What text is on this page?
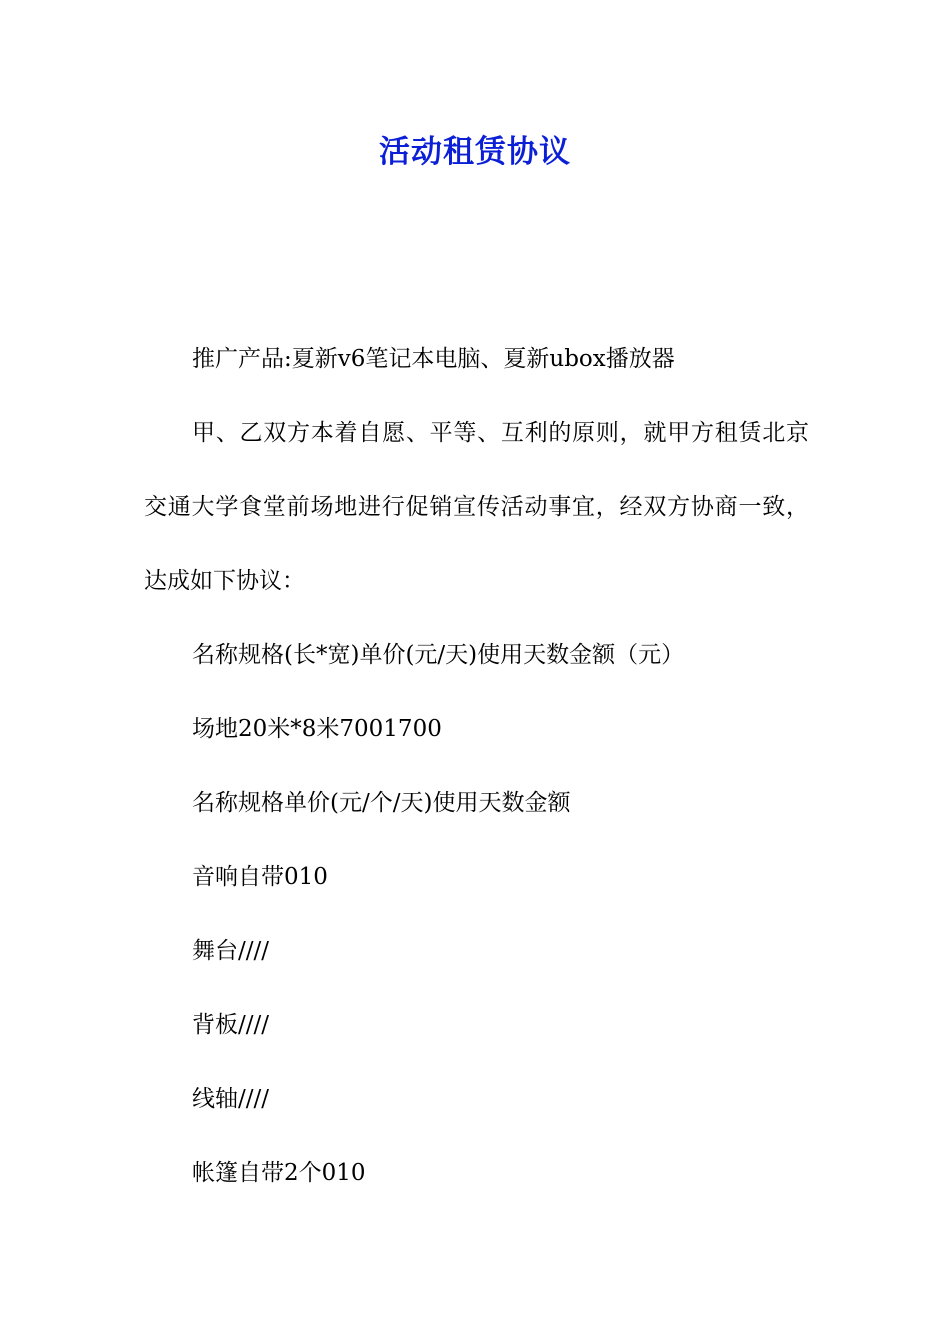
活动租赁协议

推广产品:夏新v6笔记本电脑、夏新ubox播放器

甲、乙双方本着自愿、平等、互利的原则，就甲方租赁北京交通大学食堂前场地进行促销宣传活动事宜，经双方协商一致，达成如下协议：

名称规格(长*宽)单价(元/天)使用天数金额（元）

场地20米*8米7001700

名称规格单价(元/个/天)使用天数金额

音响自带010

舞台////

背板////

线轴////

帐篷自带2个010
